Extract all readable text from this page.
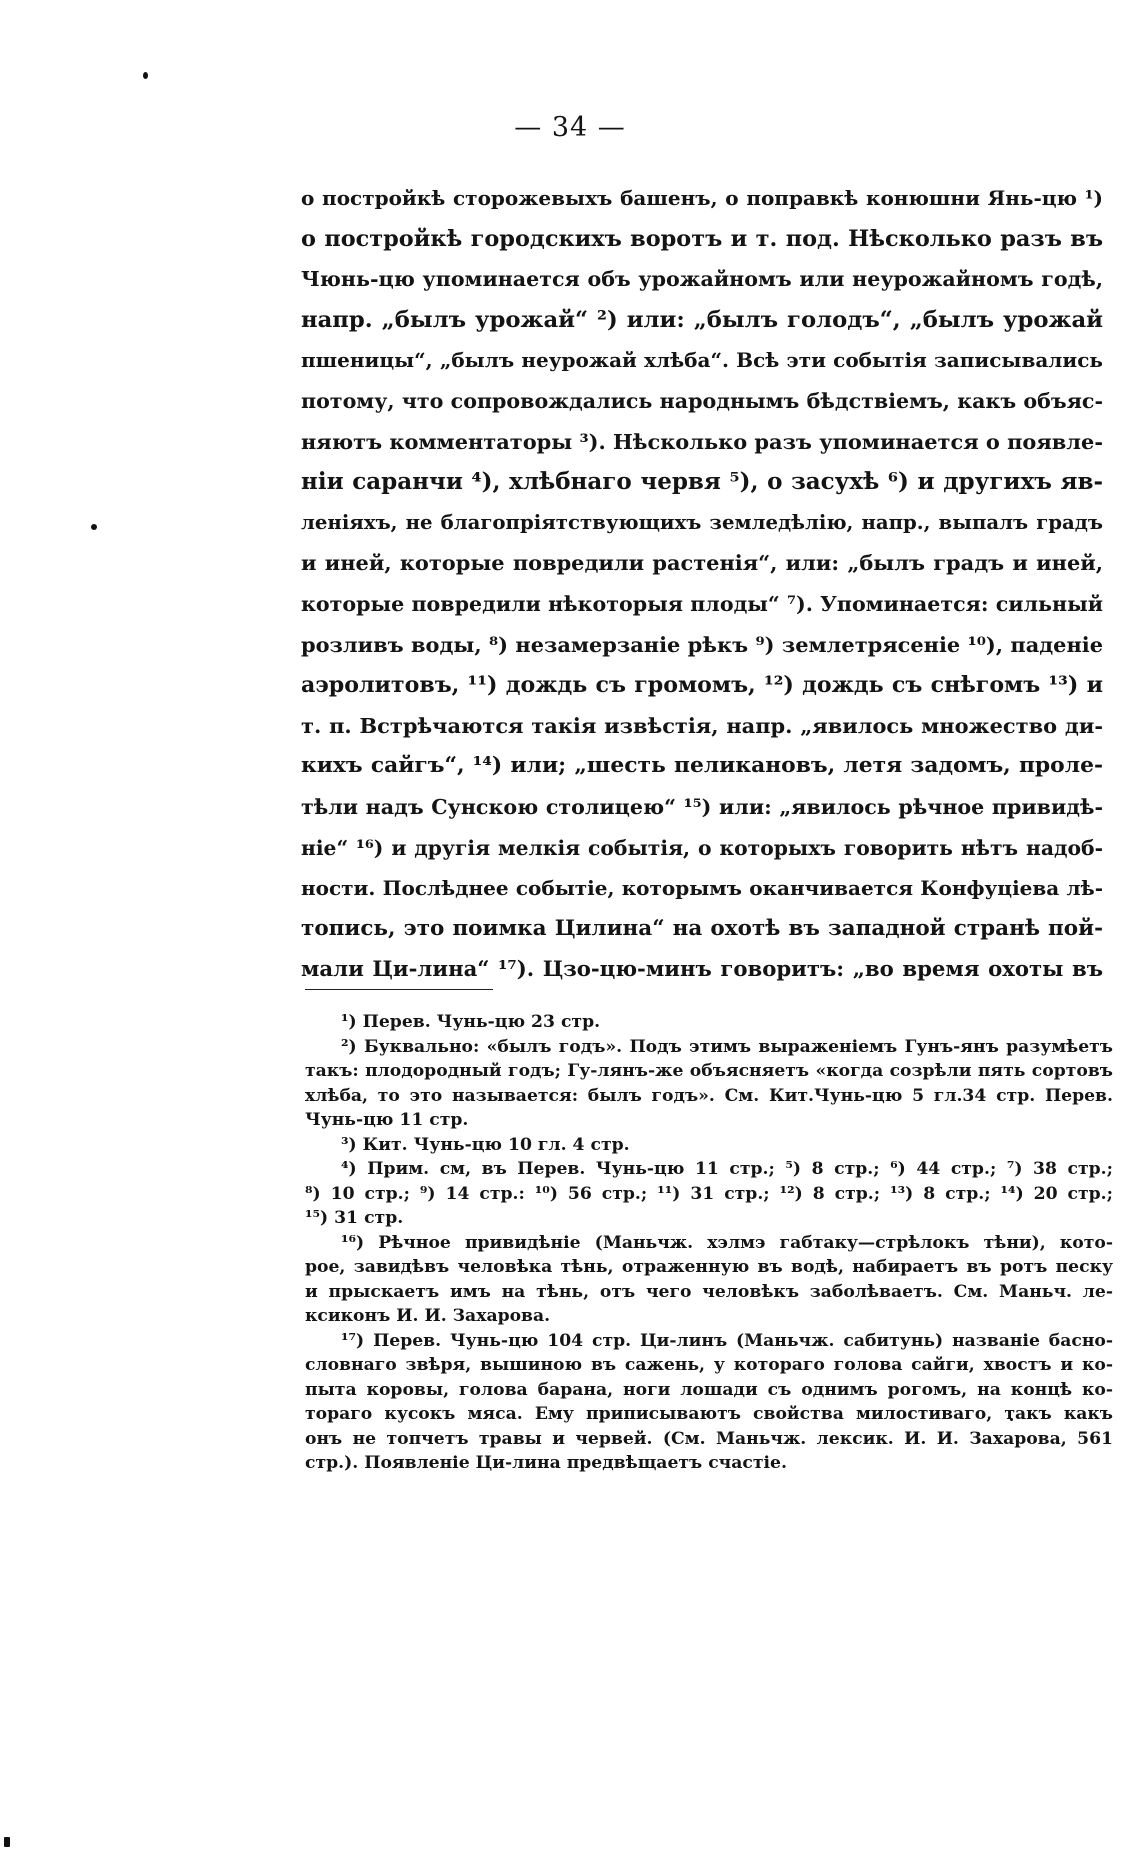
— 34 —
о постройкѣ сторожевыхъ башенъ, о поправкѣ конюшни Янь-цю ¹)
о постройкѣ городскихъ воротъ и т. под. Нѣсколько разъ въ
Чюнь-цю упоминается объ урожайномъ или неурожайномъ годѣ,
напр. „былъ урожай“ ²) или: „былъ голодъ“, „былъ урожай
пшеницы“, „былъ неурожай хлѣба“. Всѣ эти событія записывались
потому, что сопровождались народнымъ бѣдствіемъ, какъ объяс-
няютъ комментаторы ³). Нѣсколько разъ упоминается о появле-
ніи саранчи ⁴), хлѣбнаго червя ⁵), о засухѣ ⁶) и другихъ яв-
леніяхъ, не благопріятствующихъ земледѣлію, напр., выпалъ градъ
и иней, которые повредили растенія“, или: „былъ градъ и иней,
которые повредили нѣкоторыя плоды“ ⁷). Упоминается: сильный
розливъ воды, ⁸) незамерзаніе рѣкъ ⁹) землетрясеніе ¹⁰), паденіе
аэролитовъ, ¹¹) дождь съ громомъ, ¹²) дождь съ снѣгомъ ¹³) и
т. п. Встрѣчаются такія извѣстія, напр. „явилось множество ди-
кихъ сайгъ“, ¹⁴) или; „шесть пеликановъ, летя задомъ, проле-
тѣли надъ Сунскою столицею“ ¹⁵) или: „явилось рѣчное привидѣ-
ніе“ ¹⁶) и другія мелкія событія, о которыхъ говорить нѣтъ надоб-
ности. Послѣднее событіе, которымъ оканчивается Конфуціева лѣ-
топись, это поимка Цилина“ на охотѣ въ западной странѣ пой-
мали Ци-лина“ ¹⁷). Цзо-цю-минъ говоритъ: „во время охоты въ
¹) Перев. Чунь-цю 23 стр.
²) Буквально: «былъ годъ». Подъ этимъ выраженіемъ Гунъ-янъ разумѣетъ
такъ: плодородный годъ; Гу-лянъ-же объясняетъ «когда созрѣли пять сортовъ
хлѣба, то это называется: былъ годъ». См. Кит.Чунь-цю 5 гл.34 стр. Перев.
Чунь-цю 11 стр.
³) Кит. Чунь-цю 10 гл. 4 стр.
⁴) Прим. см, въ Перев. Чунь-цю 11 стр.; ⁵) 8 стр.; ⁶) 44 стр.; ⁷) 38 стр.;
⁸) 10 стр.; ⁹) 14 стр.: ¹⁰) 56 стр.; ¹¹) 31 стр.; ¹²) 8 стр.; ¹³) 8 стр.; ¹⁴) 20 стр.;
¹⁵) 31 стр.
¹⁶) Рѣчное привидѣніе (Маньчж. хэлмэ габтаку—стрѣлокъ тѣни), кото-
рое, завидѣвъ человѣка тѣнь, отраженную въ водѣ, набираетъ въ ротъ песку
и прыскаетъ имъ на тѣнь, отъ чего человѣкъ заболѣваетъ. См. Маньч. ле-
ксиконъ И. И. Захарова.
¹⁷) Перев. Чунь-цю 104 стр. Ци-линъ (Маньчж. сабитунь) названіе басно-
словнаго звѣря, вышиною въ сажень, у котораго голова сайги, хвостъ и ко-
пыта коровы, голова барана, ноги лошади съ однимъ рогомъ, на концѣ ко-
тораго кусокъ мяса. Ему приписываютъ свойства милостиваго, такъ какъ
онъ не топчетъ травы и червей. (См. Маньчж. лексик. И. И. Захарова, 561
стр.). Появленіе Ци-лина предвѣщаетъ счастіе.
